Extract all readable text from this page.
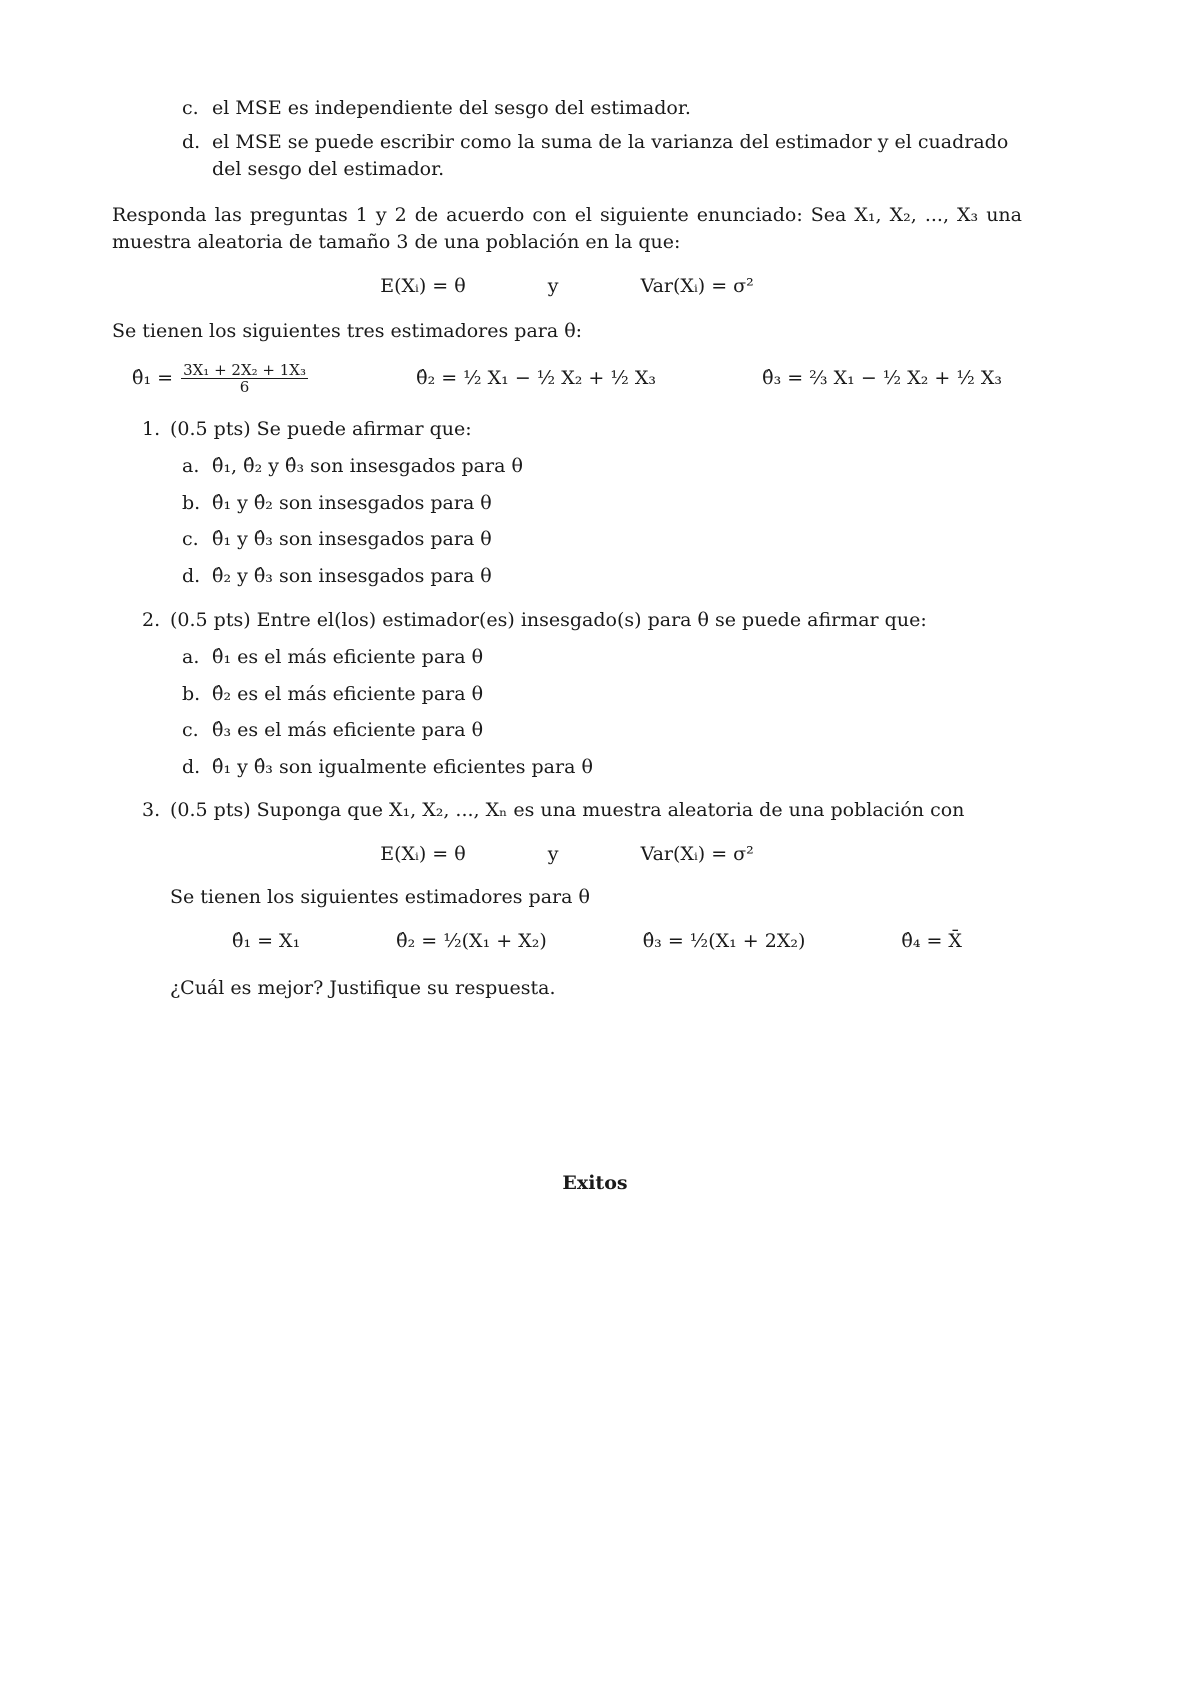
c. el MSE es independiente del sesgo del estimador.
d. el MSE se puede escribir como la suma de la varianza del estimador y el cuadrado del sesgo del estimador.

Responda las preguntas 1 y 2 de acuerdo con el siguiente enunciado: Sea X₁, X₂, ..., X₃ una muestra aleatoria de tamaño 3 de una población en la que:

E(Xᵢ) = θ	y	Var(Xᵢ) = σ²

Se tienen los siguientes tres estimadores para θ:

θ̂₁ = $\frac{\text{3X₁ + 2X₂ + 1X₃}}{6}$	θ̂₂ = ½ X₁ − ½ X₂ + ½ X₃	θ̂₃ = ⅔ X₁ − ½ X₂ + ½ X₃
1. (0.5 pts) Se puede afirmar que:
a. θ̂₁, θ̂₂ y θ̂₃ son insesgados para θ
b. θ̂₁ y θ̂₂ son insesgados para θ
c. θ̂₁ y θ̂₃ son insesgados para θ
d. θ̂₂ y θ̂₃ son insesgados para θ
2. (0.5 pts) Entre el(los) estimador(es) insesgado(s) para θ se puede afirmar que:
a. θ̂₁ es el más eficiente para θ
b. θ̂₂ es el más eficiente para θ
c. θ̂₃ es el más eficiente para θ
d. θ̂₁ y θ̂₃ son igualmente eficientes para θ
3. (0.5 pts) Suponga que X₁, X₂, ..., Xₙ es una muestra aleatoria de una población con
E(Xᵢ) = θ	y	Var(Xᵢ) = σ²
Se tienen los siguientes estimadores para θ
θ̂₁ = X₁	θ̂₂ = ½(X₁ + X₂)	θ̂₃ = ½(X₁ + 2X₂)	θ̂₄ = X̄
¿Cuál es mejor? Justifique su respuesta.
Exitos
